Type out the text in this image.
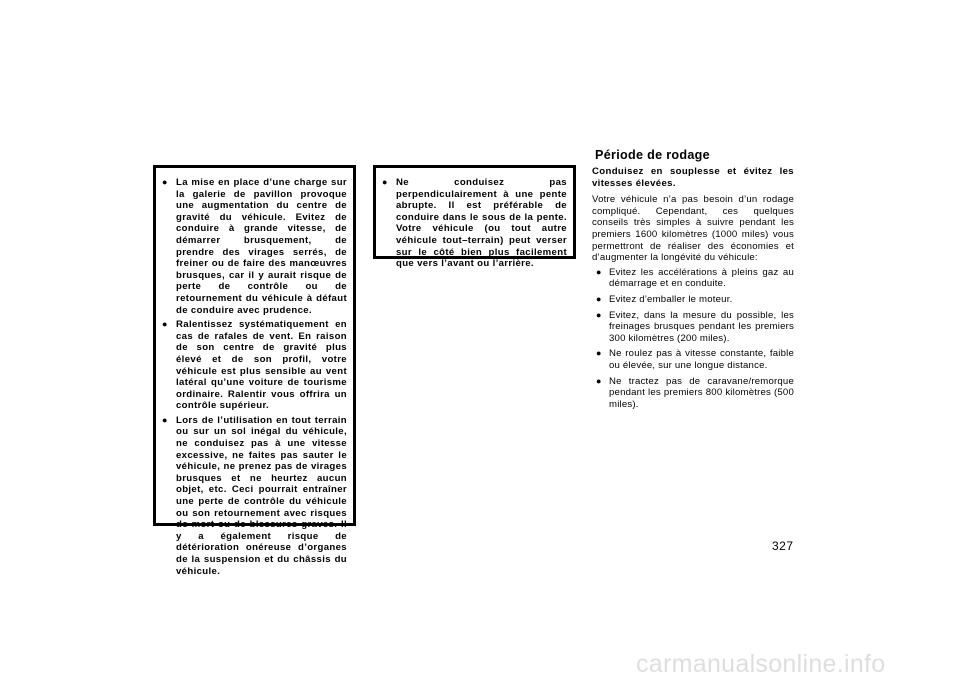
● La mise en place d’une charge sur la galerie de pavillon provoque une augmentation du centre de gravité du véhicule. Evitez de conduire à grande vitesse, de démarrer brusquement, de prendre des virages serrés, de freiner ou de faire des manœuvres brusques, car il y aurait risque de perte de contrôle ou de retournement du véhicule à défaut de conduire avec prudence.
● Ralentissez systématiquement en cas de rafales de vent. En raison de son centre de gravité plus élevé et de son profil, votre véhicule est plus sensible au vent latéral qu’une voiture de tourisme ordinaire. Ralentir vous offrira un contrôle supérieur.
● Lors de l’utilisation en tout terrain ou sur un sol inégal du véhicule, ne conduisez pas à une vitesse excessive, ne faites pas sauter le véhicule, ne prenez pas de virages brusques et ne heurtez aucun objet, etc. Ceci pourrait entraîner une perte de contrôle du véhicule ou son retournement avec risques de mort ou de blessures graves. Il y a également risque de détérioration onéreuse d’organes de la suspension et du châssis du véhicule.
● Ne conduisez pas perpendiculairement à une pente abrupte. Il est préférable de conduire dans le sous de la pente. Votre véhicule (ou tout autre véhicule tout–terrain) peut verser sur le côté bien plus facilement que vers l’avant ou l’arrière.
Période de rodage
Conduisez en souplesse et évitez les vitesses élevées.
Votre véhicule n’a pas besoin d’un rodage compliqué. Cependant, ces quelques conseils très simples à suivre pendant les premiers 1600 kilomètres (1000 miles) vous permettront de réaliser des économies et d’augmenter la longévité du véhicule:
● Evitez les accélérations à pleins gaz au démarrage et en conduite.
● Evitez d’emballer le moteur.
● Evitez, dans la mesure du possible, les freinages brusques pendant les premiers 300 kilomètres (200 miles).
● Ne roulez pas à vitesse constante, faible ou élevée, sur une longue distance.
● Ne tractez pas de caravane/remorque pendant les premiers 800 kilomètres (500 miles).
327
carmanualsonline.info
